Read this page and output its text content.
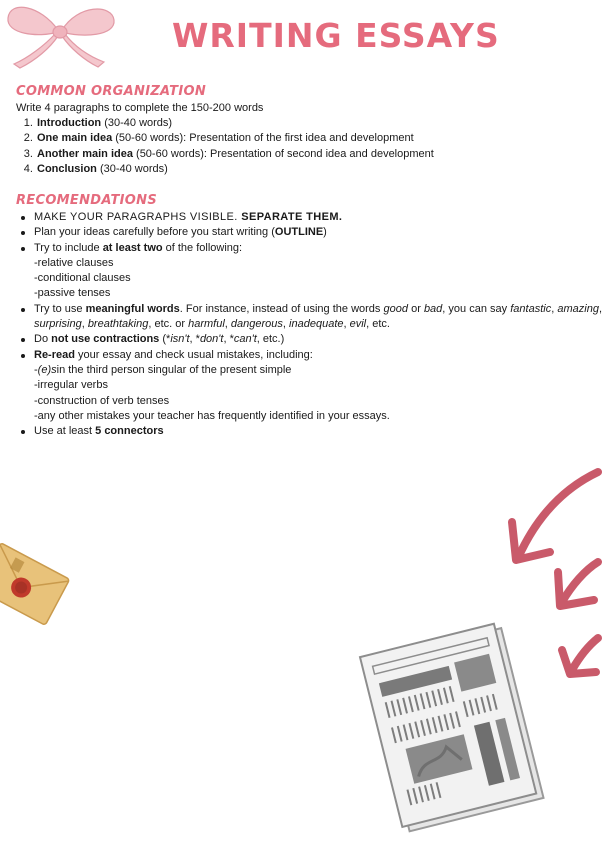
WRITING ESSAYS
COMMON ORGANIZATION
Write 4 paragraphs to complete the 150-200 words
1. Introduction (30-40 words)
2. One main idea (50-60 words): Presentation of the first idea and development
3. Another main idea (50-60 words): Presentation of second idea and development
4. Conclusion (30-40 words)
RECOMENDATIONS
MAKE YOUR PARAGRAPHS VISIBLE. SEPARATE THEM.
Plan your ideas carefully before you start writing (OUTLINE)
Try to include at least two of the following:
-relative clauses
-conditional clauses
-passive tenses
Try to use meaningful words. For instance, instead of using the words good or bad, you can say fantastic, amazing, surprising, breathtaking, etc. or harmful, dangerous, inadequate, evil, etc.
Do not use contractions (*isn't, *don't, *can't, etc.)
Re-read your essay and check usual mistakes, including:
-(e)sin the third person singular of the present simple
-irregular verbs
-construction of verb tenses
-any other mistakes your teacher has frequently identified in your essays.
Use at least 5 connectors
